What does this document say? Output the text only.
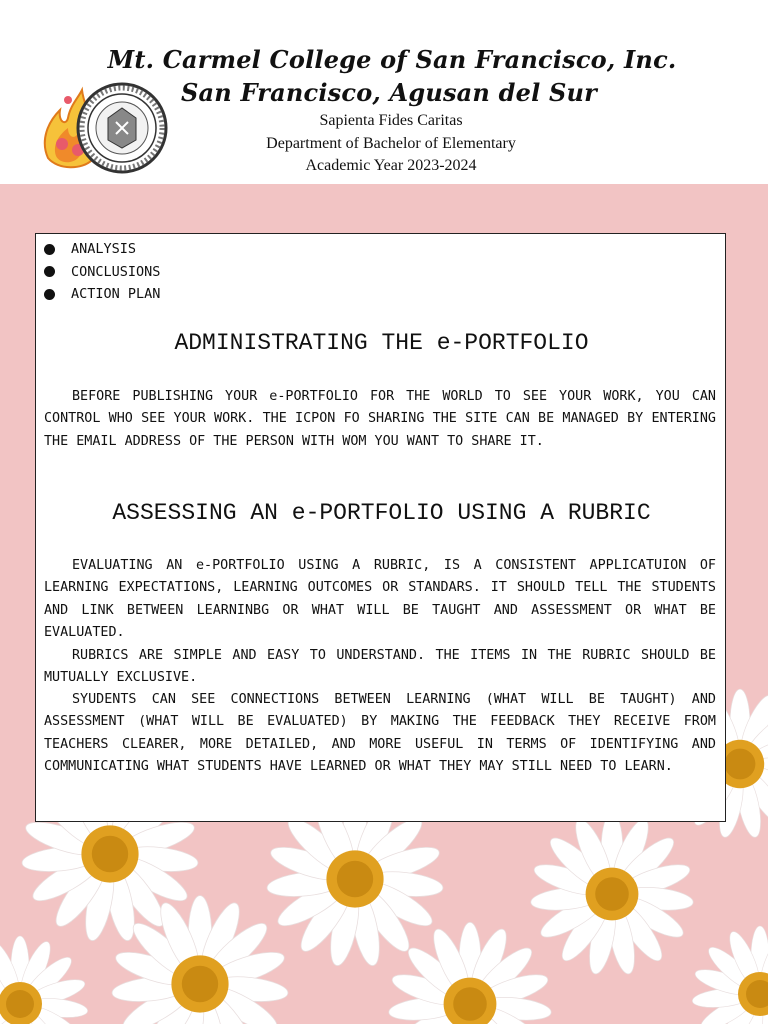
Mt. Carmel College of San Francisco, Inc.
San Francisco, Agusan del Sur
Sapienta Fides Caritas
Department of Bachelor of Elementary
Academic Year 2023-2024
ANALYSIS
CONCLUSIONS
ACTION PLAN
ADMINISTRATING THE e-PORTFOLIO

BEFORE PUBLISHING YOUR e-PORTFOLIO FOR THE WORLD TO SEE YOUR WORK, YOU CAN CONTROL WHO SEE YOUR WORK. THE ICPON FO SHARING THE SITE CAN BE MANAGED BY ENTERING THE EMAIL ADDRESS OF THE PERSON WITH WOM YOU WANT TO SHARE IT.

ASSESSING AN e-PORTFOLIO USING A RUBRIC

EVALUATING AN e-PORTFOLIO USING A RUBRIC, IS A CONSISTENT APPLICATUION OF LEARNING EXPECTATIONS, LEARNING OUTCOMES OR STANDARS. IT SHOULD TELL THE STUDENTS AND LINK BETWEEN LEARNINBG OR WHAT WILL BE TAUGHT AND ASSESSMENT OR WHAT BE EVALUATED.

RUBRICS ARE SIMPLE AND EASY TO UNDERSTAND. THE ITEMS IN THE RUBRIC SHOULD BE MUTUALLY EXCLUSIVE.

SYUDENTS CAN SEE CONNECTIONS BETWEEN LEARNING (WHAT WILL BE TAUGHT) AND ASSESSMENT (WHAT WILL BE EVALUATED) BY MAKING THE FEEDBACK THEY RECEIVE FROM TEACHERS CLEARER, MORE DETAILED, AND MORE USEFUL IN TERMS OF IDENTIFYING AND COMMUNICATING WHAT STUDENTS HAVE LEARNED OR WHAT THEY MAY STILL NEED TO LEARN.
